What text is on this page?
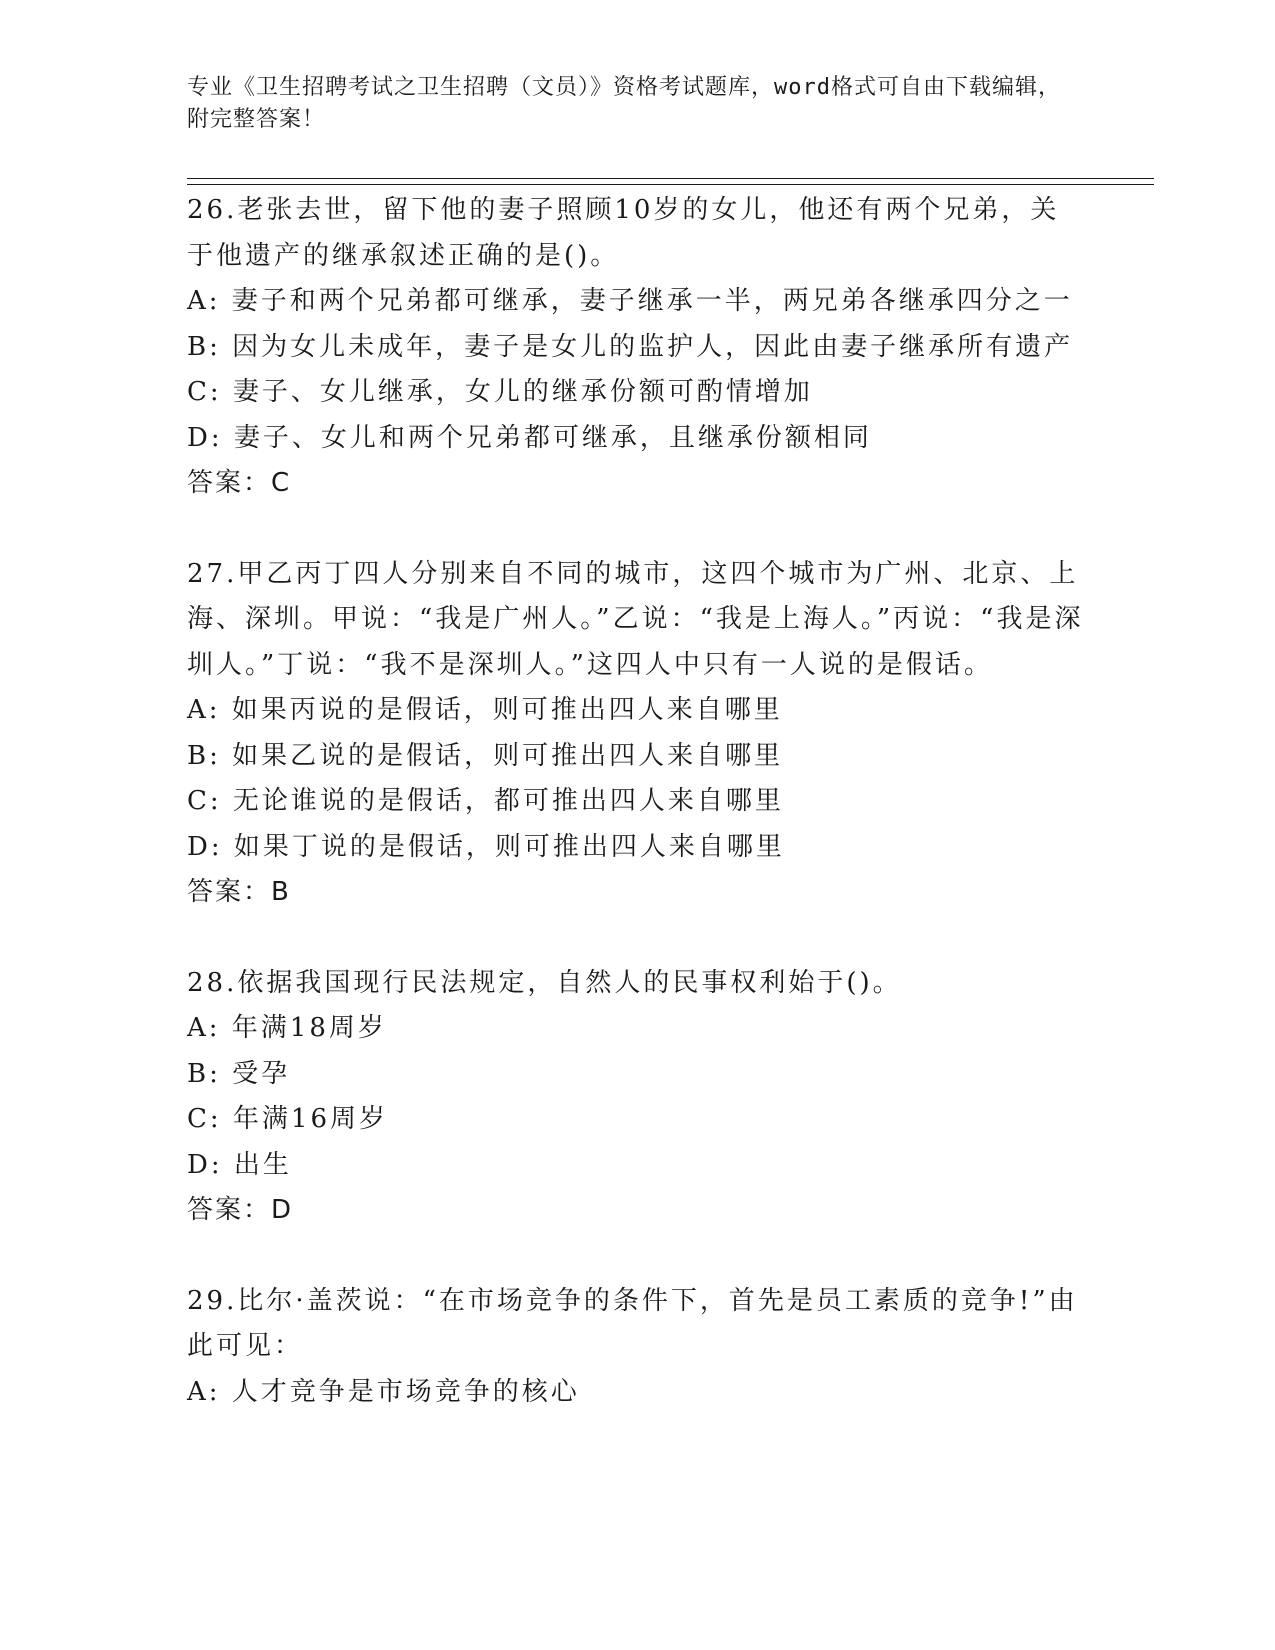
专业《卫生招聘考试之卫生招聘（文员）》资格考试题库，word格式可自由下载编辑，附完整答案！
26.老张去世，留下他的妻子照顾10岁的女儿，他还有两个兄弟，关于他遗产的继承叙述正确的是()。
A: 妻子和两个兄弟都可继承，妻子继承一半，两兄弟各继承四分之一
B: 因为女儿未成年，妻子是女儿的监护人，因此由妻子继承所有遗产
C: 妻子、女儿继承，女儿的继承份额可酌情增加
D: 妻子、女儿和两个兄弟都可继承，且继承份额相同
答案：C
27.甲乙丙丁四人分别来自不同的城市，这四个城市为广州、北京、上海、深圳。甲说：“我是广州人。”乙说：“我是上海人。”丙说：“我是深圳人。”丁说：“我不是深圳人。”这四人中只有一人说的是假话。
A: 如果丙说的是假话，则可推出四人来自哪里
B: 如果乙说的是假话，则可推出四人来自哪里
C: 无论谁说的是假话，都可推出四人来自哪里
D: 如果丁说的是假话，则可推出四人来自哪里
答案：B
28.依据我国现行民法规定，自然人的民事权利始于()。
A: 年满18周岁
B: 受孕
C: 年满16周岁
D: 出生
答案：D
29.比尔·盖茨说：“在市场竞争的条件下，首先是员工素质的竞争!”由此可见：
A: 人才竞争是市场竞争的核心
